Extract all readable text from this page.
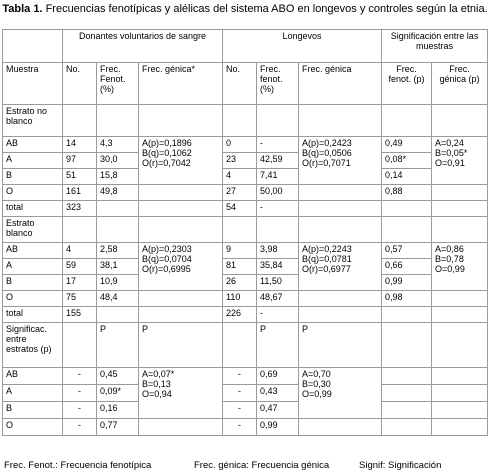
Tabla 1. Frecuencias fenotípicas y alélicas del sistema ABO en longevos y controles según la etnia.
	Donantes voluntarios de sangre			Longevos			Significación entre las muestras	
Muestra	No.	Frec. Fenot. (%)	Frec. génica*	No.	Frec. fenot. (%)	Frec. génica	Frec. fenot. (p)	Frec. génica (p)
Estrato no blanco								
AB	14	4,3	A(p)=0,1896
B(q)=0,1062
O(r)=0,7042	0	-	A(p)=0,2423
B(q)=0,0506
O(r)=0,7071	0,49	A=0,24
B=0,05*
O=0,91
A	97	30,0		23	42,59		0,08*	
B	51	15,8		4	7,41		0,14	
O	161	49,8		27	50,00		0,88	
total	323			54	-			
Estrato blanco								
AB	4	2,58	A(p)=0,2303
B(q)=0,0704
O(r)=0,6995	9	3,98	A(p)=0,2243
B(q)=0,0781
O(r)=0,6977	0,57	A=0,86
B=0,78
O=0,99
A	59	38,1		81	35,84		0,66	
B	17	10,9		26	11,50		0,99	
O	75	48,4		110	48,67		0,98	
total	155			226	-			
Significac. entre estratos (p)		P	P		P	P		
AB	-	0,45	A=0,07*
B=0,13
O=0,94	-	0,69	A=0,70
B=0,30
O=0,99		
A	-	0,09*		-	0,43			
B	-	0,16		-	0,47			
O	-	0,77		-	0,99			
Frec. Fenot.: Frecuencia fenotípica	Frec. génica: Frecuencia génica	Signif: Significación
